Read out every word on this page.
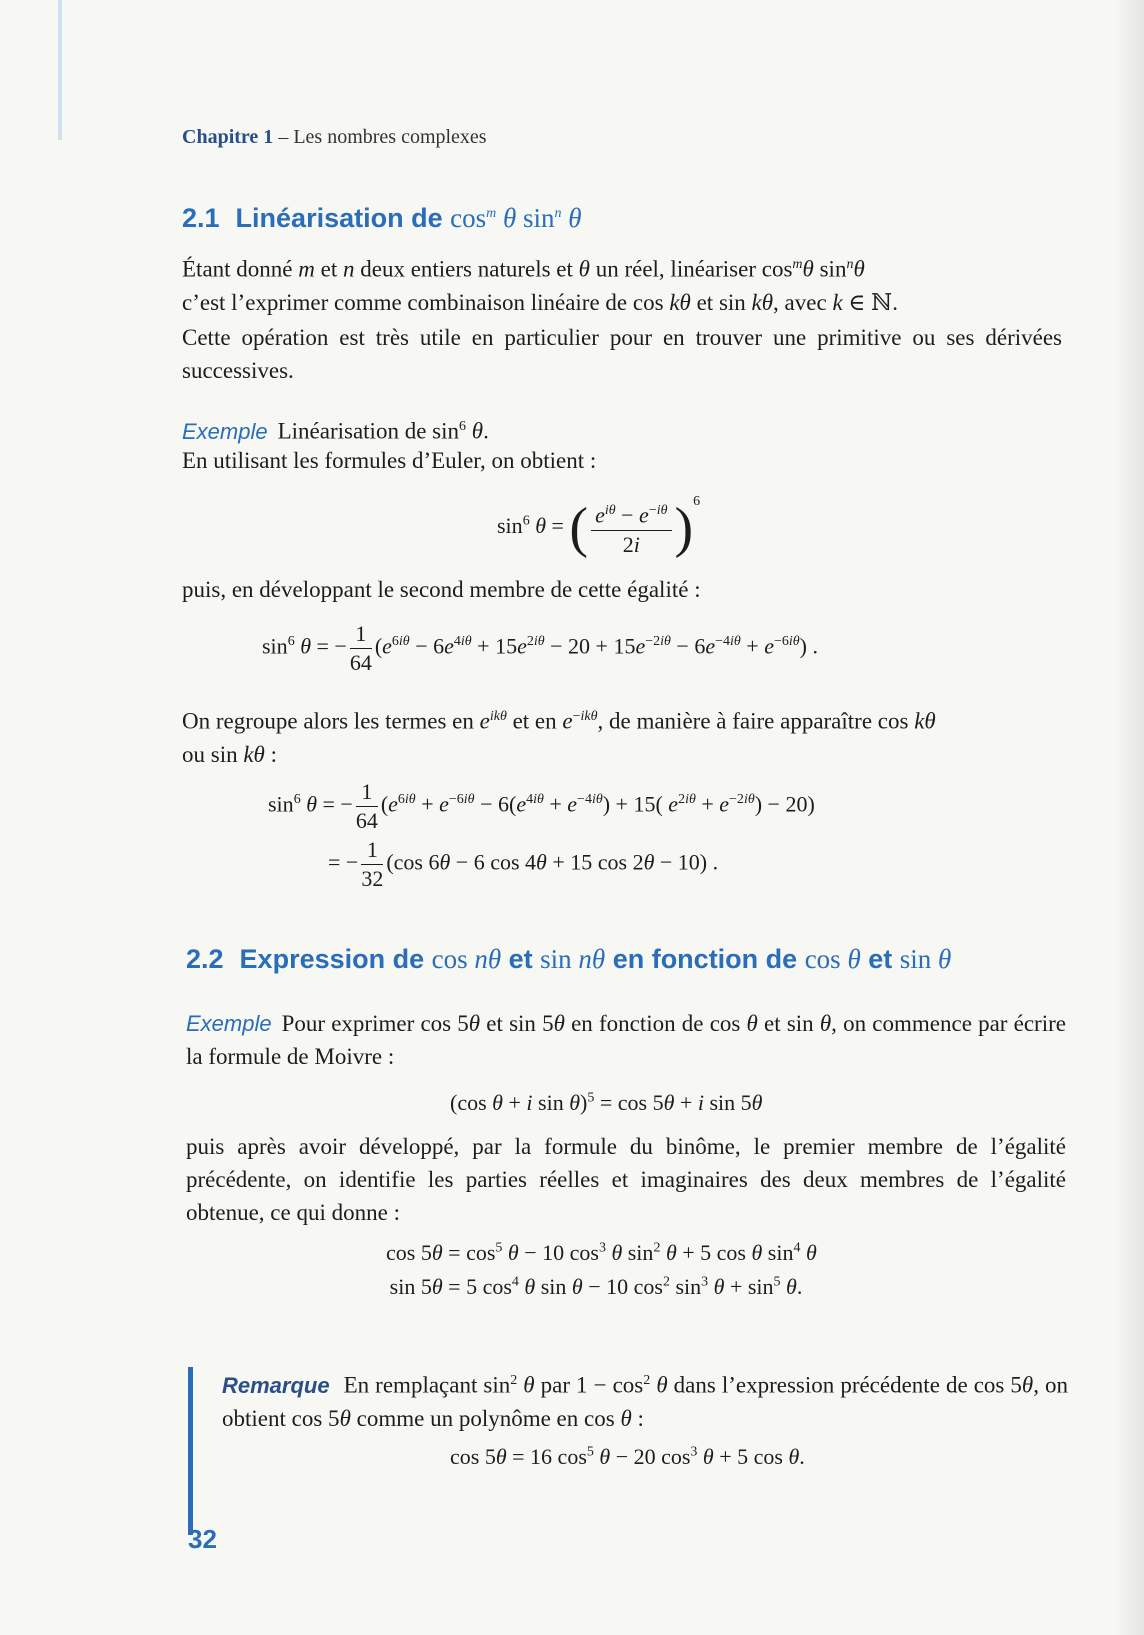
Chapitre 1 – Les nombres complexes
2.1 Linéarisation de $\cos^m \theta$ $\sin^n \theta$

Étant donné m et n deux entiers naturels et θ un réel, linéariser $\cos^m\theta$ $\sin^n\theta$
c’est l’exprimer comme combinaison linéaire de cos kθ et sin kθ, avec k ∈ ℕ.

Cette opération est très utile en particulier pour en trouver une primitive ou ses dérivées successives.

Exemple Linéarisation de $\sin^6 \theta$.

En utilisant les formules d’Euler, on obtient :

$\sin^6 \theta$ = ( $\frac{e^{i\theta} - e^{-i\theta}}{2i} )^6$

puis, en développant le second membre de cette égalité :

$\sin^6 \theta$ = − $\frac{1}{64} (e^{6i\theta} - 6e^{4i\theta} + 15e^{2i\theta} - 20 + 15e^{-2i\theta} - 6e^{-4i\theta} + e^{-6i\theta})$ .

On regroupe alors les termes en $e^{ik\theta}$ et en $e^{-ik\theta}$, de manière à faire apparaître cos kθ
ou sin kθ :

$\sin^6 \theta$ = − $\frac{1}{64} (e^{6i\theta} + e^{-6i\theta} - 6(e^{4i\theta} + e^{-4i\theta}) + 15$( $e^{2i\theta} + e^{-2i\theta}) - 20$)
= − $\frac{1}{32} (\cos$ 6θ − 6 cos 4θ + 15 cos 2θ − 10) .
2.2 Expression de cos nθ et sin nθ en fonction de cos θ et sin θ

Exemple Pour exprimer cos 5θ et sin 5θ en fonction de cos θ et sin θ, on commence par écrire la formule de Moivre :

(cos θ + i sin θ)$^5$ = cos 5θ + i sin 5θ

puis après avoir développé, par la formule du binôme, le premier membre de l’égalité précédente, on identifie les parties réelles et imaginaires des deux membres de l’égalité obtenue, ce qui donne :

cos 5θ	=	$\cos^5 \theta - 10$ $\cos^3 \theta$ $\sin^2 \theta + 5$ cos θ $\sin^4 \theta$
sin 5θ	=	5 $\cos^4 \theta$ sin θ − 10 $\cos^2 \sin^3 \theta + \sin^5 \theta$.

Remarque En remplaçant $\sin^2 \theta$ par $1 - \cos^2 \theta$ dans l’expression précédente de cos 5θ, on obtient cos 5θ comme un polynôme en cos θ :

cos 5θ = 16 $\cos^5 \theta - 20$ $\cos^3 \theta + 5$ cos θ.
32
